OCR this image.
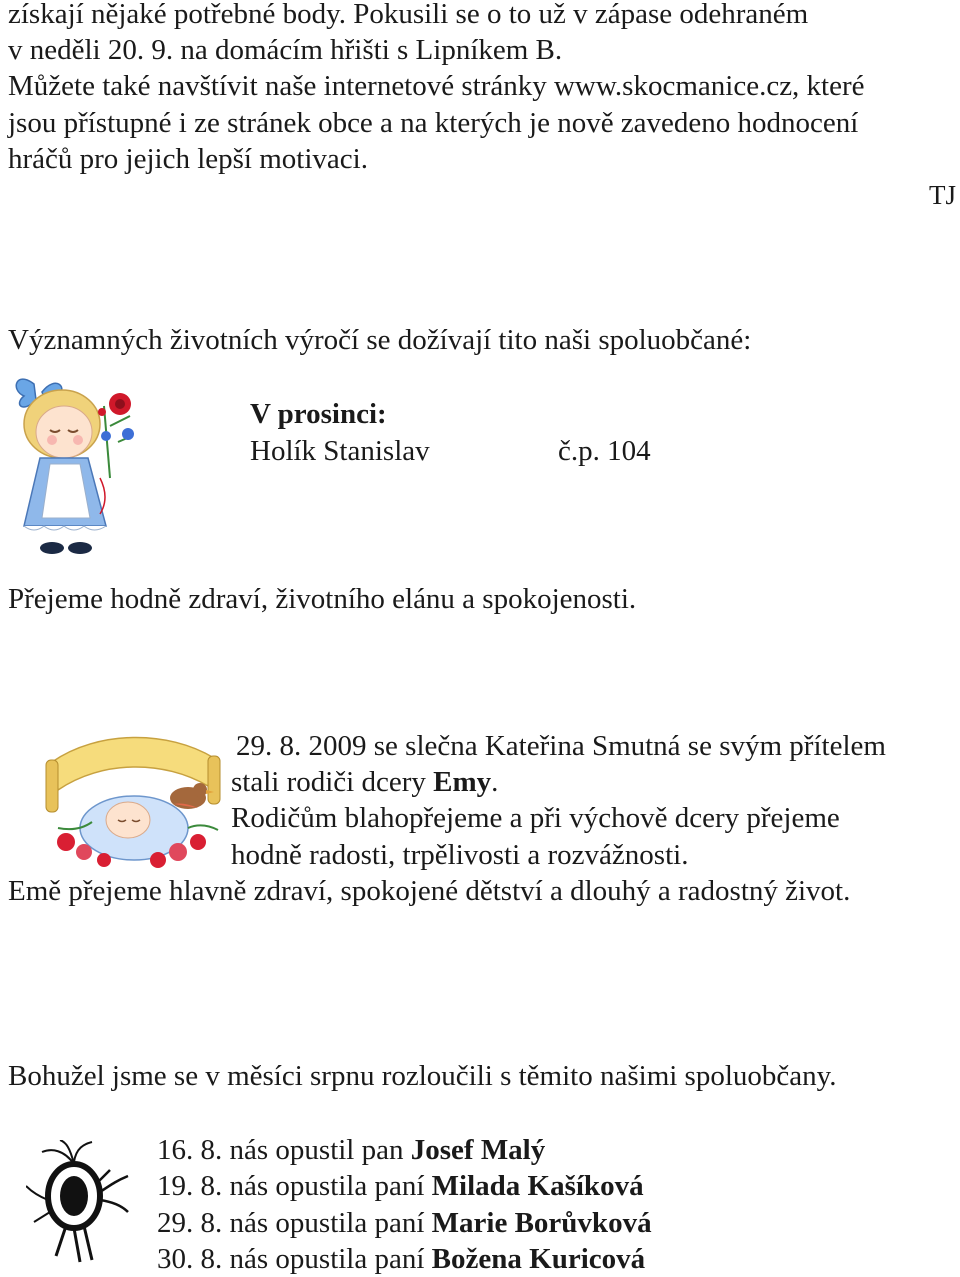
získají nějaké potřebné body. Pokusili se o to už v zápase odehraném
v neděli 20. 9. na domácím hřišti s Lipníkem B.
Můžete také navštívit naše internetové stránky www.skocmanice.cz, které
jsou přístupné i ze stránek obce a na kterých je nově zavedeno hodnocení
hráčů pro jejich lepší motivaci.
TJ
Významných životních výročí se dožívají tito naši spoluobčané:
V prosinci:
Holík Stanislav	č.p. 104
Přejeme hodně zdraví, životního elánu a spokojenosti.
29. 8. 2009 se slečna Kateřina Smutná se svým přítelem
stali rodiči dcery Emy.
Rodičům blahopřejeme a při výchově dcery přejeme
hodně radosti, trpělivosti a rozvážnosti.
Emě přejeme hlavně zdraví, spokojené dětství a dlouhý a radostný život.
Bohužel jsme se v měsíci srpnu rozloučili s těmito našimi spoluobčany.
16. 8. nás opustil pan Josef Malý
19. 8. nás opustila paní Milada Kašíková
29. 8. nás opustila paní Marie Borůvková
30. 8. nás opustila paní Božena Kuricová
